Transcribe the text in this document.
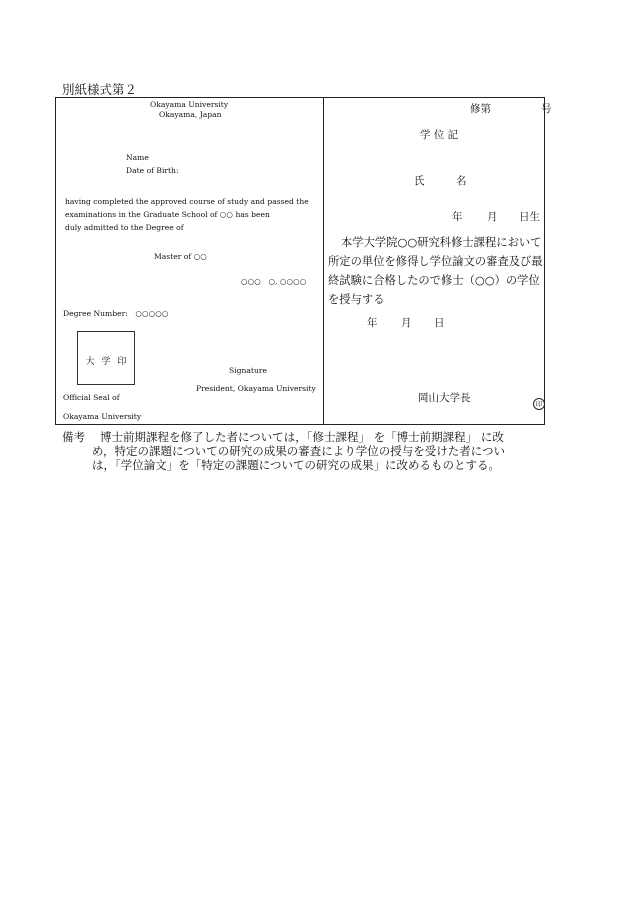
別紙様式第２
Okayama University
Okayama, Japan
Name
Date of Birth:
having completed the approved course of study and passed the
examinations in the Graduate School of ○○ has been
duly admitted to the Degree of
Master of ○○
○○○　○, ○○○○
Degree Number:　○○○○○
大 学 印
Signature
President, Okayama University
Official Seal of
Okayama University
修第	号
学 位 記
氏　　　名
年 月 日生
本学大学院○○研究科修士課程において
所定の単位を修得し学位論文の審査及び最
終試験に合格したので修士（○○）の学位
を授与する
年 月 日
岡山大学長	印
備考 博士前期課程を修了した者については，「修士課程」 を「博士前期課程」 に改
め，特定の課題についての研究の成果の審査により学位の授与を受けた者につい
は，「学位論文」を「特定の課題についての研究の成果」に改めるものとする。
